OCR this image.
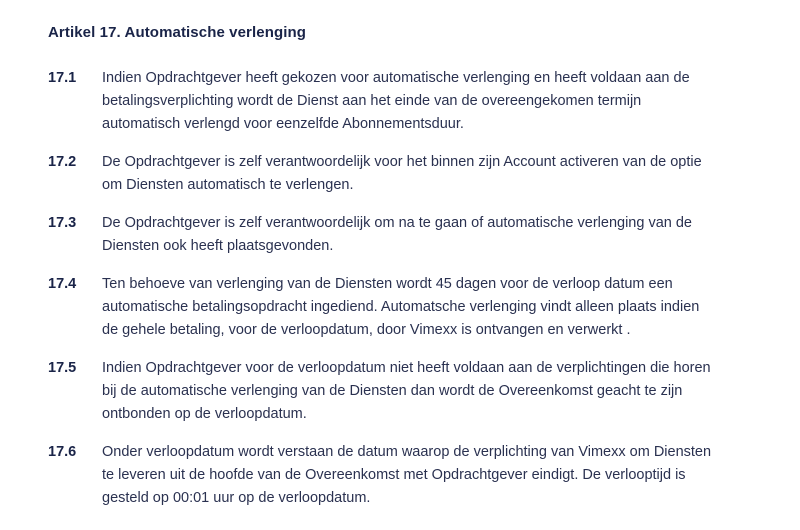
Artikel 17. Automatische verlenging
17.1 Indien Opdrachtgever heeft gekozen voor automatische verlenging en heeft voldaan aan de
betalingsverplichting wordt de Dienst aan het einde van de overeengekomen termijn
automatisch verlengd voor eenzelfde Abonnementsduur.
17.2 De Opdrachtgever is zelf verantwoordelijk voor het binnen zijn Account activeren van de optie
om Diensten automatisch te verlengen.
17.3 De Opdrachtgever is zelf verantwoordelijk om na te gaan of automatische verlenging van de
Diensten ook heeft plaatsgevonden.
17.4 Ten behoeve van verlenging van de Diensten wordt 45 dagen voor de verloop datum een
automatische betalingsopdracht ingediend. Automatsche verlenging vindt alleen plaats indien
de gehele betaling, voor de verloopdatum, door Vimexx is ontvangen en verwerkt .
17.5 Indien Opdrachtgever voor de verloopdatum niet heeft voldaan aan de verplichtingen die horen
bij de automatische verlenging van de Diensten dan wordt de Overeenkomst geacht te zijn
ontbonden op de verloopdatum.
17.6 Onder verloopdatum wordt verstaan de datum waarop de verplichting van Vimexx om Diensten
te leveren uit de hoofde van de Overeenkomst met Opdrachtgever eindigt. De verlooptijd is
gesteld op 00:01 uur op de verloopdatum.
